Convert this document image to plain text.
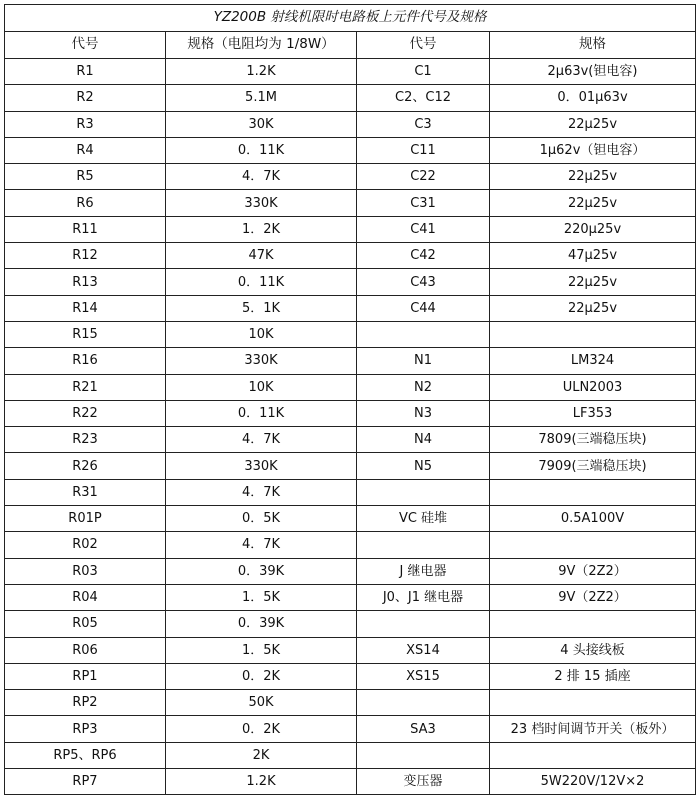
YZ200B 射线机限时电路板上元件代号及规格			
代号	规格（电阻均为 1/8W）	代号	规格
R1	1.2K	C1	2μ63v(钽电容)
R2	5.1M	C2、C12	0．01μ63v
R3	30K	C3	22μ25v
R4	0．11K	C11	1μ62v（钽电容）
R5	4．7K	C22	22μ25v
R6	330K	C31	22μ25v
R11	1．2K	C41	220μ25v
R12	47K	C42	47μ25v
R13	0．11K	C43	22μ25v
R14	5．1K	C44	22μ25v
R15	10K		
R16	330K	N1	LM324
R21	10K	N2	ULN2003
R22	0．11K	N3	LF353
R23	4．7K	N4	7809(三端稳压块)
R26	330K	N5	7909(三端稳压块)
R31	4．7K		
R01P	0．5K	VC 硅堆	0.5A100V
R02	4．7K		
R03	0．39K	J 继电器	9V（2Z2）
R04	1．5K	J0、J1 继电器	9V（2Z2）
R05	0．39K		
R06	1．5K	XS14	4 头接线板
RP1	0．2K	XS15	2 排 15 插座
RP2	50K		
RP3	0．2K	SA3	23 档时间调节开关（板外）
RP5、RP6	2K		
RP7	1.2K	变压器	5W220V/12V×2
